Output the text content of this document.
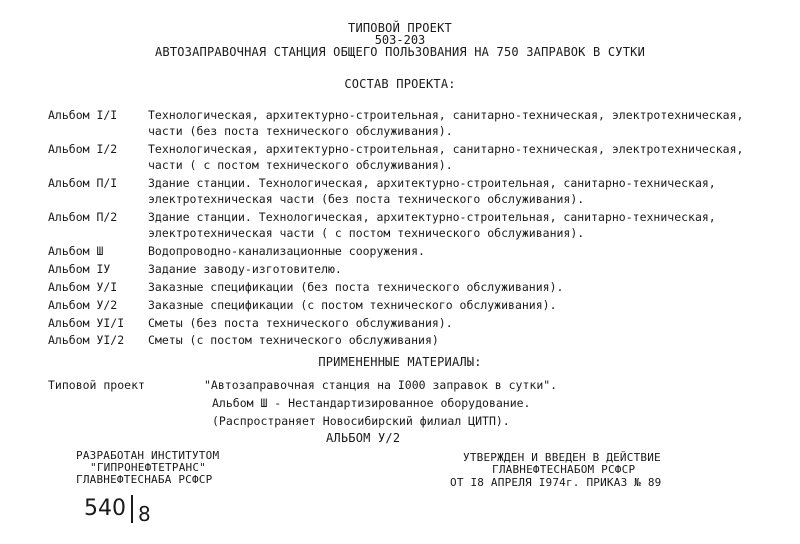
ТИПОВОЙ ПРОЕКТ
503-203
АВТОЗАПРАВОЧНАЯ СТАНЦИЯ ОБЩЕГО ПОЛЬЗОВАНИЯ НА 750 ЗАПРАВОК В СУТКИ
СОСТАВ ПРОЕКТА:
Альбом I/I	Технологическая, архитектурно-строительная, санитарно-техническая, электротехническая,
части (без поста технического обслуживания).
Альбом I/2	Технологическая, архитектурно-строительная, санитарно-техническая, электротехническая,
части ( с постом технического обслуживания).
Альбом П/I	Здание станции. Технологическая, архитектурно-строительная, санитарно-техническая,
электротехническая части (без поста технического обслуживания).
Альбом П/2	Здание станции. Технологическая, архитектурно-строительная, санитарно-техническая,
электротехническая части ( с постом технического обслуживания).
Альбом Ш	Водопроводно-канализационные сооружения.
Альбом IУ	Задание заводу-изготовителю.
Альбом У/I	Заказные спецификации (без поста технического обслуживания).
Альбом У/2	Заказные спецификации (с постом технического обслуживания).
Альбом УI/I Сметы (без поста технического обслуживания).
Альбом УI/2 Сметы (с постом технического обслуживания)
ПРИМЕНЕННЫЕ МАТЕРИАЛЫ:
Типовой проект	"Автозаправочная станция на I000 заправок в сутки".
Альбом Ш - Нестандартизированное оборудование.
(Распространяет Новосибирский филиал ЦИТП).
АЛЬБОМ У/2
РАЗРАБОТАН ИНСТИТУТОМ
"ГИПРОНЕФТЕТРАНС"
ГЛАВНЕФТЕСНАБА РСФСР
УТВЕРЖДЕН И ВВЕДЕН В ДЕЙСТВИЕ
ГЛАВНЕФТЕСНАБОМ РСФСР
ОТ I8 АПРЕЛЯ I974г. ПРИКАЗ № 89
540 8
